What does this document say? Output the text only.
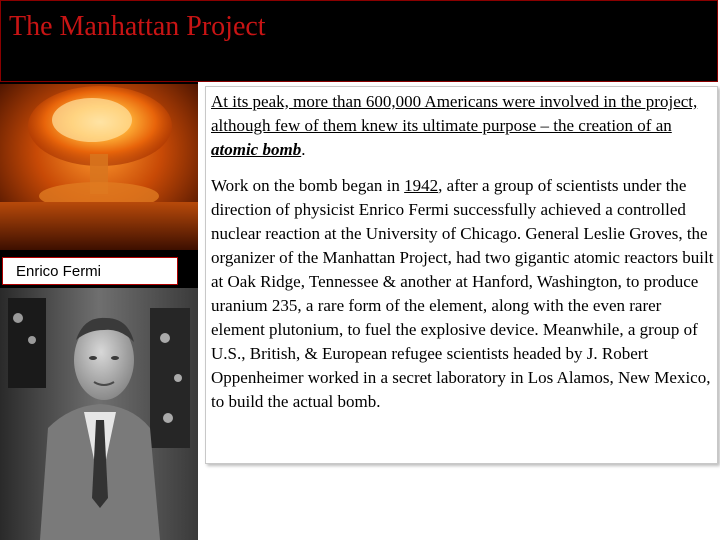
The Manhattan Project
Enrico Fermi
At its peak, more than 600,000 Americans were involved in the project, although few of them knew its ultimate purpose – the creation of an atomic bomb.
Work on the bomb began in 1942, after a group of scientists under the direction of physicist Enrico Fermi successfully achieved a controlled nuclear reaction at the University of Chicago. General Leslie Groves, the organizer of the Manhattan Project, had two gigantic atomic reactors built at Oak Ridge, Tennessee & another at Hanford, Washington, to produce uranium 235, a rare form of the element, along with the even rarer element plutonium, to fuel the explosive device. Meanwhile, a group of U.S., British, & European refugee scientists headed by J. Robert Oppenheimer worked in a secret laboratory in Los Alamos, New Mexico, to build the actual bomb.
